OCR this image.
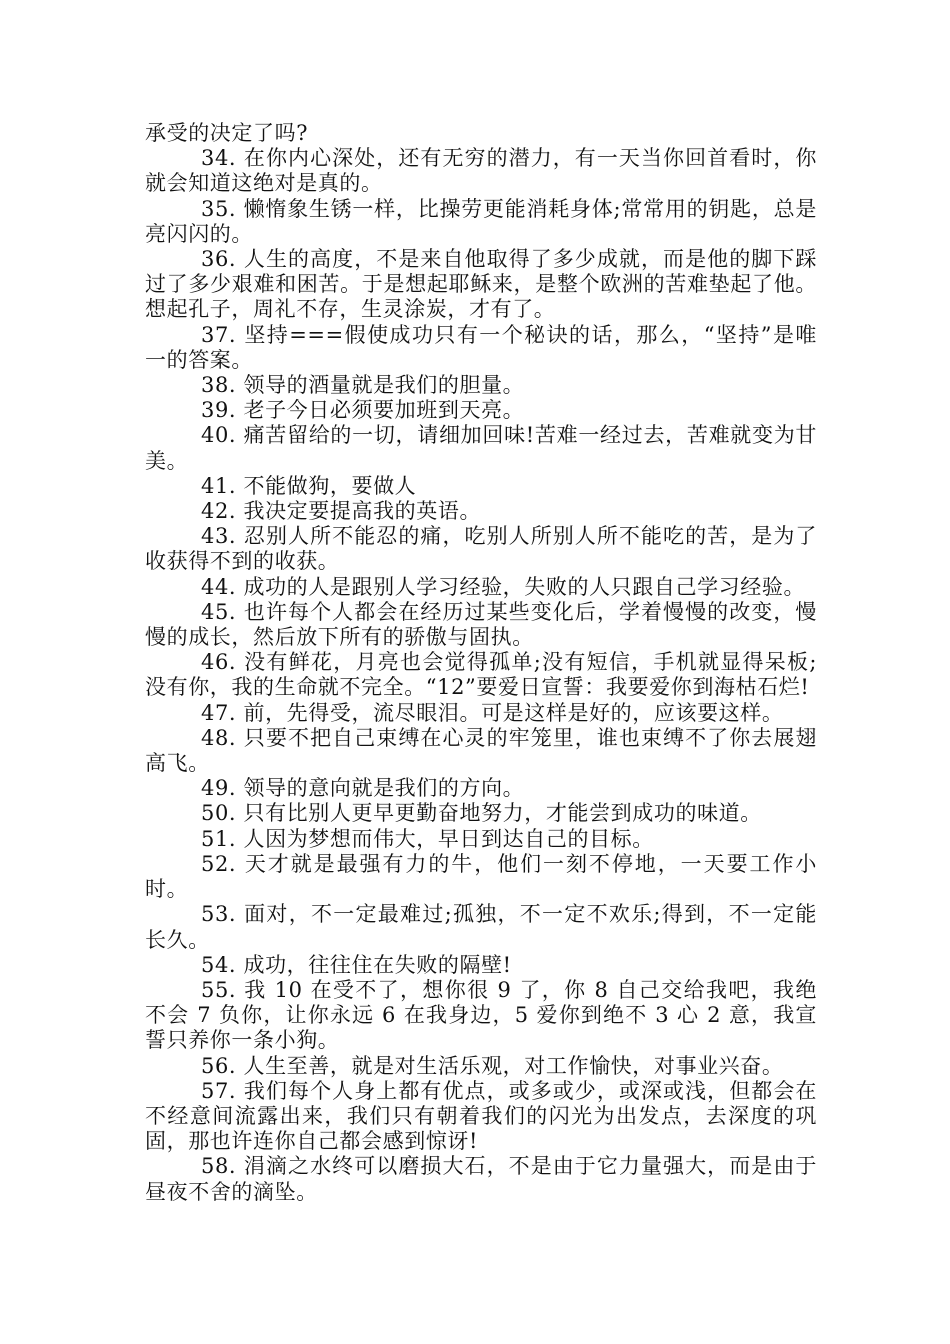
承受的决定了吗?

34. 在你内心深处，还有无穷的潜力，有一天当你回首看时，你就会知道这绝对是真的。

35. 懒惰象生锈一样，比操劳更能消耗身体;常常用的钥匙，总是亮闪闪的。

36. 人生的高度，不是来自他取得了多少成就，而是他的脚下踩过了多少艰难和困苦。于是想起耶稣来，是整个欧洲的苦难垫起了他。想起孔子，周礼不存，生灵涂炭，才有了。

37. 坚持===假使成功只有一个秘诀的话，那么，“坚持”是唯一的答案。

38. 领导的酒量就是我们的胆量。

39. 老子今日必须要加班到天亮。

40. 痛苦留给的一切，请细加回味!苦难一经过去，苦难就变为甘美。

41. 不能做狗，要做人

42. 我决定要提高我的英语。

43. 忍别人所不能忍的痛，吃别人所别人所不能吃的苦，是为了收获得不到的收获。

44. 成功的人是跟别人学习经验，失败的人只跟自己学习经验。

45. 也许每个人都会在经历过某些变化后，学着慢慢的改变，慢慢的成长，然后放下所有的骄傲与固执。

46. 没有鲜花，月亮也会觉得孤单;没有短信，手机就显得呆板;没有你，我的生命就不完全。“12”要爱日宣誓：我要爱你到海枯石烂!

47. 前，先得受，流尽眼泪。可是这样是好的，应该要这样。

48. 只要不把自己束缚在心灵的牢笼里，谁也束缚不了你去展翅高飞。

49. 领导的意向就是我们的方向。

50. 只有比别人更早更勤奋地努力，才能尝到成功的味道。

51. 人因为梦想而伟大，早日到达自己的目标。

52. 天才就是最强有力的牛，他们一刻不停地，一天要工作小时。

53. 面对，不一定最难过;孤独，不一定不欢乐;得到，不一定能长久。

54. 成功，往往住在失败的隔壁!

55. 我 10 在受不了，想你很 9 了，你 8 自己交给我吧，我绝不会 7 负你，让你永远 6 在我身边，5 爱你到绝不 3 心 2 意，我宣誓只养你一条小狗。

56. 人生至善，就是对生活乐观，对工作愉快，对事业兴奋。

57. 我们每个人身上都有优点，或多或少，或深或浅，但都会在不经意间流露出来，我们只有朝着我们的闪光为出发点，去深度的巩固，那也许连你自己都会感到惊讶!

58. 涓滴之水终可以磨损大石，不是由于它力量强大，而是由于昼夜不舍的滴坠。
